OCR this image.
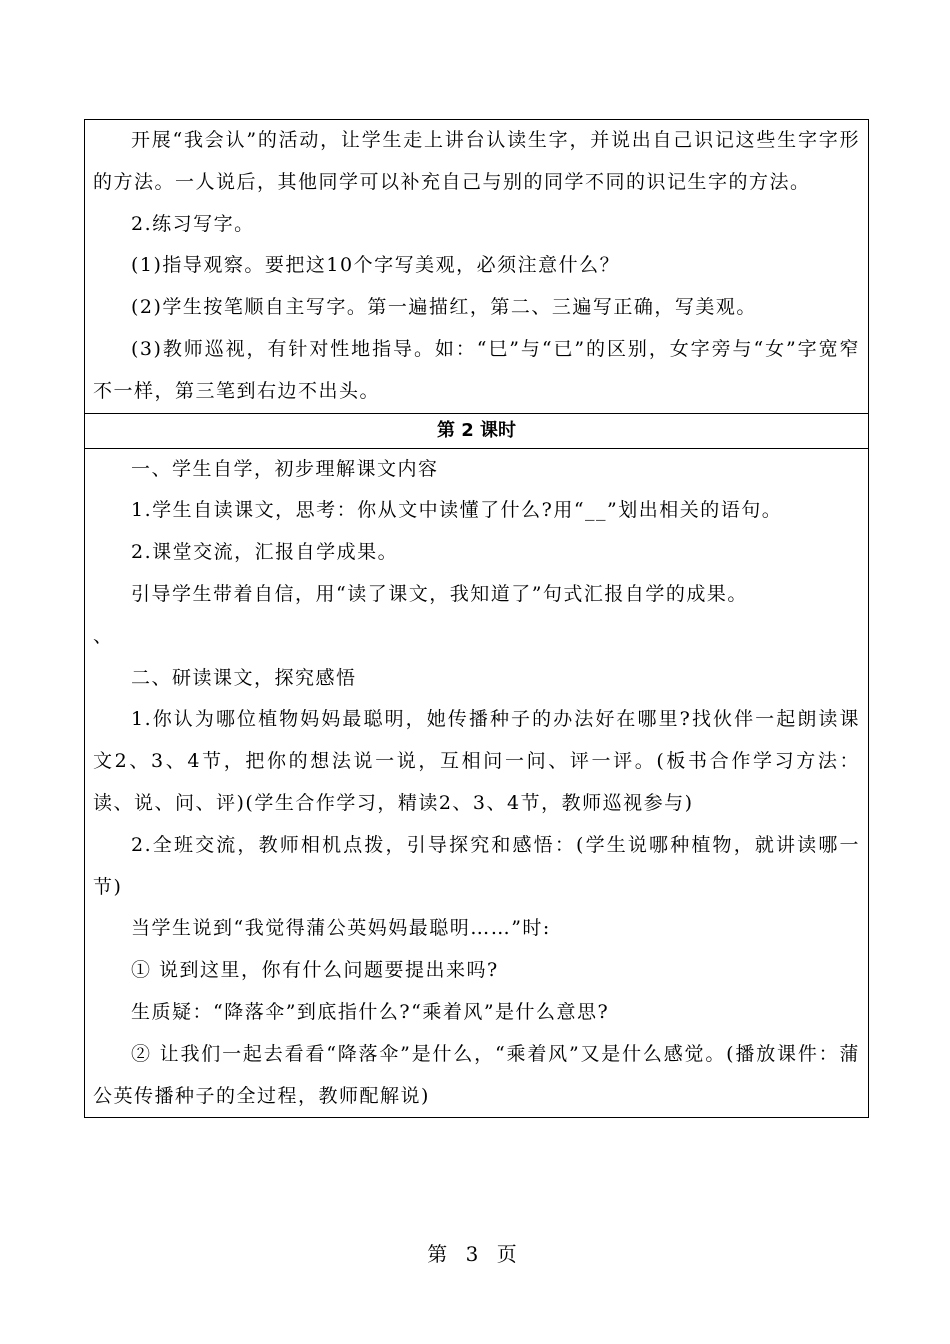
开展“我会认”的活动，让学生走上讲台认读生字，并说出自己识记这些生字字形的方法。一人说后，其他同学可以补充自己与别的同学不同的识记生字的方法。

2.练习写字。

(1)指导观察。要把这10个字写美观，必须注意什么？

(2)学生按笔顺自主写字。第一遍描红，第二、三遍写正确，写美观。

(3)教师巡视，有针对性地指导。如：“巳”与“已”的区别，女字旁与“女”字宽窄不一样，第三笔到右边不出头。

第 2 课时

一、学生自学，初步理解课文内容

1.学生自读课文，思考：你从文中读懂了什么?用“__”划出相关的语句。

2.课堂交流，汇报自学成果。

引导学生带着自信，用“读了课文，我知道了”句式汇报自学的成果。

、

二、研读课文，探究感悟

1.你认为哪位植物妈妈最聪明，她传播种子的办法好在哪里?找伙伴一起朗读课文2、3、4节，把你的想法说一说，互相问一问、评一评。(板书合作学习方法：读、说、问、评)(学生合作学习，精读2、3、4节，教师巡视参与)

2.全班交流，教师相机点拨，引导探究和感悟：(学生说哪种植物，就讲读哪一节)

当学生说到“我觉得蒲公英妈妈最聪明……”时:

① 说到这里，你有什么问题要提出来吗?

生质疑：“降落伞”到底指什么?“乘着风”是什么意思?

② 让我们一起去看看“降落伞”是什么，“乘着风”又是什么感觉。(播放课件：蒲公英传播种子的全过程，教师配解说)

第 3 页
